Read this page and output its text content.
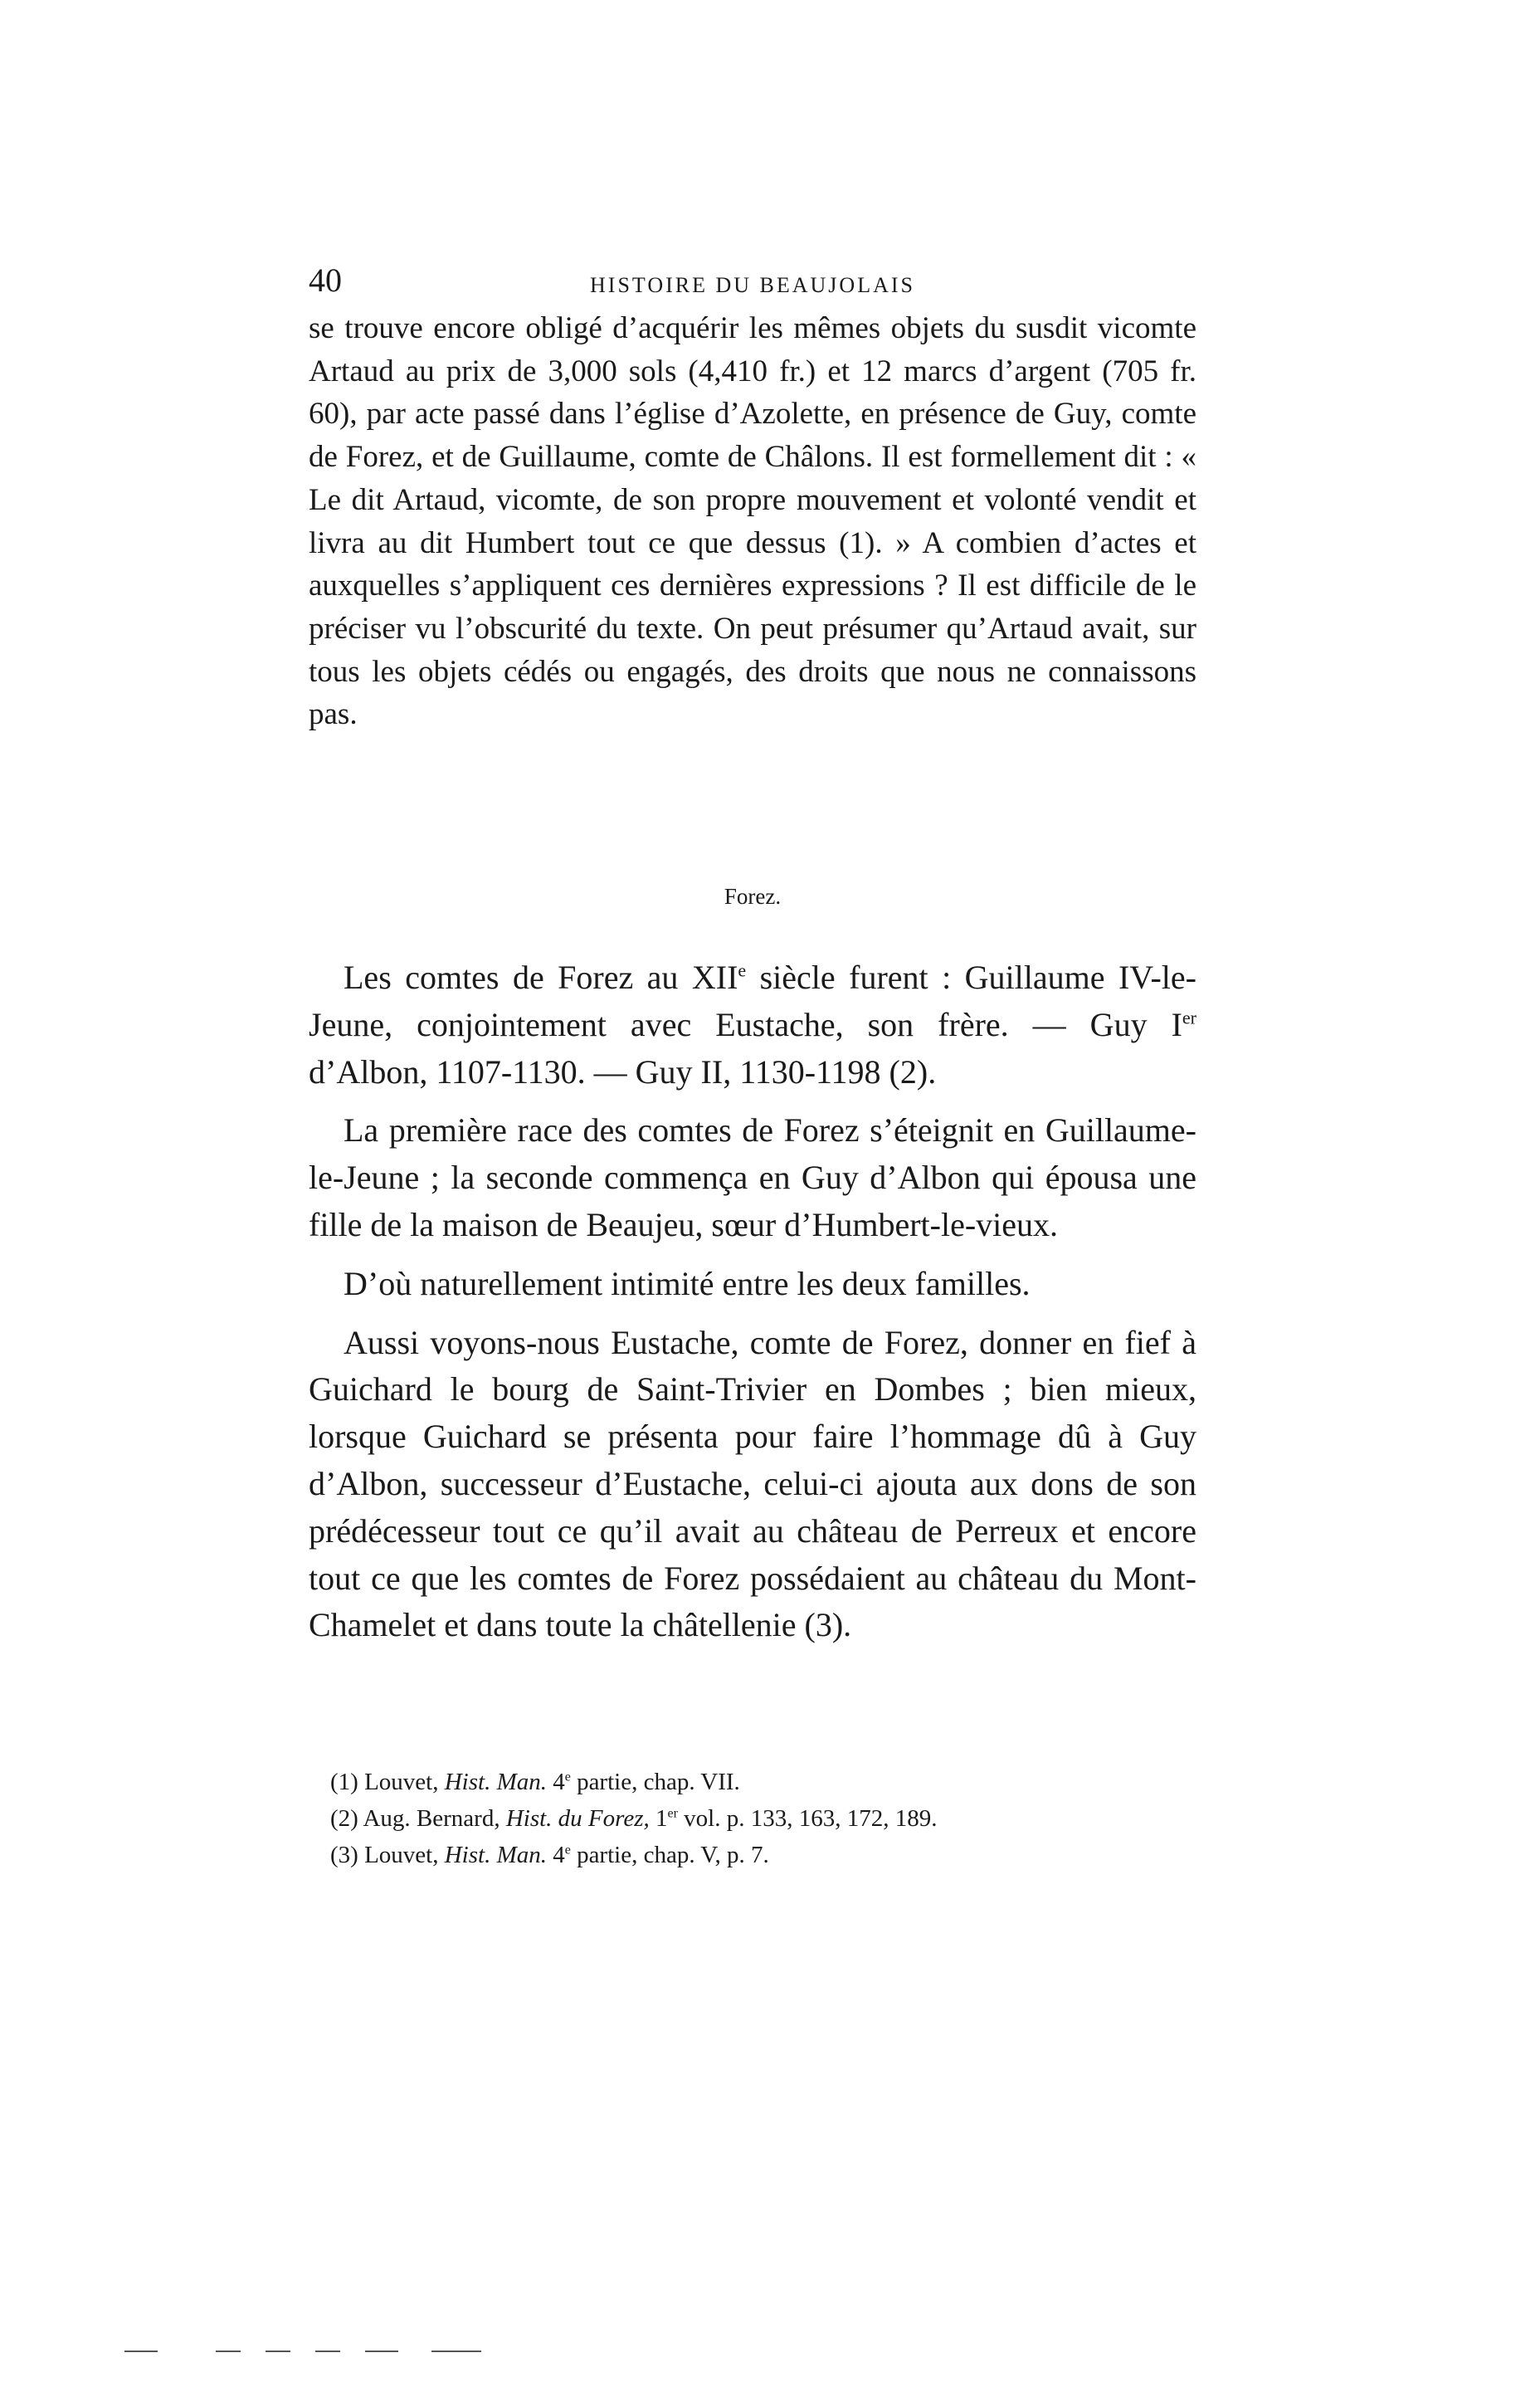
40	HISTOIRE DU BEAUJOLAIS

se trouve encore obligé d’acquérir les mêmes objets du susdit vicomte Artaud au prix de 3,000 sols (4,410 fr.) et 12 marcs d’argent (705 fr. 60), par acte passé dans l’église d’Azolette, en présence de Guy, comte de Forez, et de Guillaume, comte de Châlons. Il est formellement dit : « Le dit Artaud, vicomte, de son propre mouvement et volonté vendit et livra au dit Humbert tout ce que dessus (1). » A combien d’actes et auxquelles s’appliquent ces dernières expressions ? Il est difficile de le préciser vu l’obscurité du texte. On peut présumer qu’Artaud avait, sur tous les objets cédés ou engagés, des droits que nous ne connaissons pas.

Forez.

Les comtes de Forez au XIIe siècle furent : Guillaume IV-le-Jeune, conjointement avec Eustache, son frère. — Guy Ier d’Albon, 1107-1130. — Guy II, 1130-1198 (2).

La première race des comtes de Forez s’éteignit en Guillaume-le-Jeune ; la seconde commença en Guy d’Albon qui épousa une fille de la maison de Beaujeu, sœur d’Humbert-le-vieux.

D’où naturellement intimité entre les deux familles.

Aussi voyons-nous Eustache, comte de Forez, donner en fief à Guichard le bourg de Saint-Trivier en Dombes ; bien mieux, lorsque Guichard se présenta pour faire l’hommage dû à Guy d’Albon, successeur d’Eustache, celui-ci ajouta aux dons de son prédécesseur tout ce qu’il avait au château de Perreux et encore tout ce que les comtes de Forez possédaient au château du Mont-Chamelet et dans toute la châtellenie (3).

(1) Louvet, Hist. Man. 4e partie, chap. VII.

(2) Aug. Bernard, Hist. du Forez, 1er vol. p. 133, 163, 172, 189.

(3) Louvet, Hist. Man. 4e partie, chap. V, p. 7.
